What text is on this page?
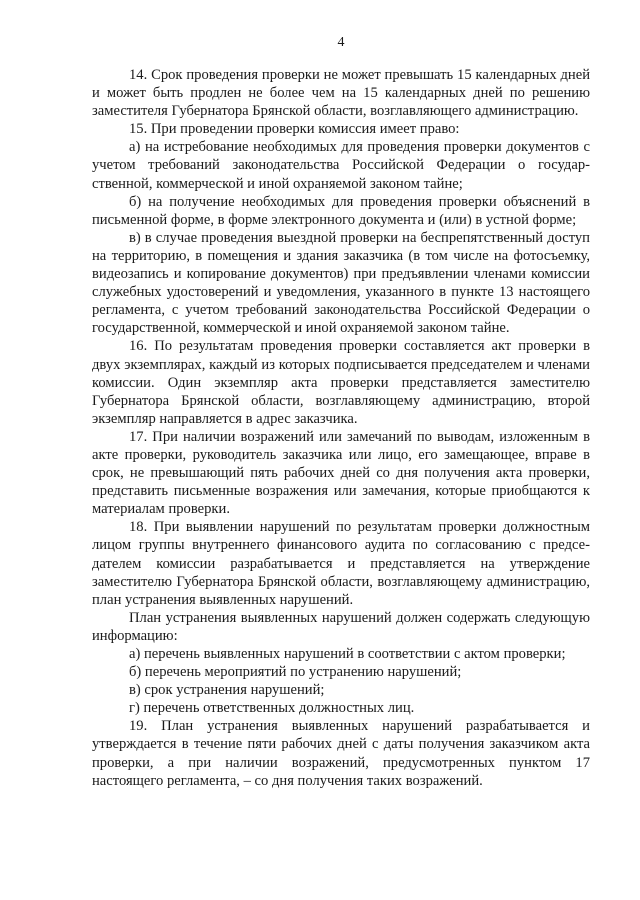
4

14. Срок проведения проверки не может превышать 15 календарных дней и может быть продлен не более чем на 15 календарных дней по решению заместителя Губернатора Брянской области, возглавляющего администрацию.

15. При проведении проверки комиссия имеет право:

а) на истребование необходимых для проведения проверки документов с учетом требований законодательства Российской Федерации о государственной, коммерческой и иной охраняемой законом тайне;

б) на получение необходимых для проведения проверки объяснений в письменной форме, в форме электронного документа и (или) в устной форме;

в) в случае проведения выездной проверки на беспрепятственный доступ на территорию, в помещения и здания заказчика (в том числе на фотосъемку, видеозапись и копирование документов) при предъявлении членами комиссии служебных удостоверений и уведомления, указанного в пункте 13 настоящего регламента, с учетом требований законодательства Российской Федерации о государственной, коммерческой и иной охраняемой законом тайне.

16. По результатам проведения проверки составляется акт проверки в двух экземплярах, каждый из которых подписывается председателем и членами комиссии. Один экземпляр акта проверки представляется заместителю Губернатора Брянской области, возглавляющему администрацию, второй экземпляр направляется в адрес заказчика.

17. При наличии возражений или замечаний по выводам, изложенным в акте проверки, руководитель заказчика или лицо, его замещающее, вправе в срок, не превышающий пять рабочих дней со дня получения акта проверки, представить письменные возражения или замечания, которые приобщаются к материалам проверки.

18. При выявлении нарушений по результатам проверки должностным лицом группы внутреннего финансового аудита по согласованию с председателем комиссии разрабатывается и представляется на утверждение заместителю Губернатора Брянской области, возглавляющему администрацию, план устранения выявленных нарушений.

План устранения выявленных нарушений должен содержать следующую информацию:

а) перечень выявленных нарушений в соответствии с актом проверки;

б) перечень мероприятий по устранению нарушений;

в) срок устранения нарушений;

г) перечень ответственных должностных лиц.

19. План устранения выявленных нарушений разрабатывается и утверждается в течение пяти рабочих дней с даты получения заказчиком акта проверки, а при наличии возражений, предусмотренных пунктом 17 настоящего регламента, – со дня получения таких возражений.
